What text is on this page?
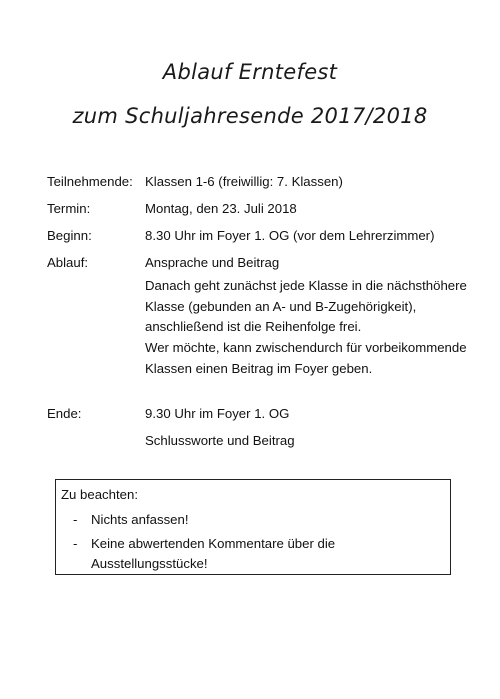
Ablauf Erntefest
zum Schuljahresende 2017/2018
Teilnehmende: Klassen 1-6 (freiwillig: 7. Klassen)
Termin:	Montag, den 23. Juli 2018
Beginn:	8.30 Uhr im Foyer 1. OG (vor dem Lehrerzimmer)
Ablauf:	Ansprache und Beitrag
Danach geht zunächst jede Klasse in die nächsthöhere Klasse (gebunden an A- und B-Zugehörigkeit), anschließend ist die Reihenfolge frei.
Wer möchte, kann zwischendurch für vorbeikommende Klassen einen Beitrag im Foyer geben.
Ende:	9.30 Uhr im Foyer 1. OG
Schlussworte und Beitrag
Zu beachten:
- Nichts anfassen!
- Keine abwertenden Kommentare über die Ausstellungsstücke!
